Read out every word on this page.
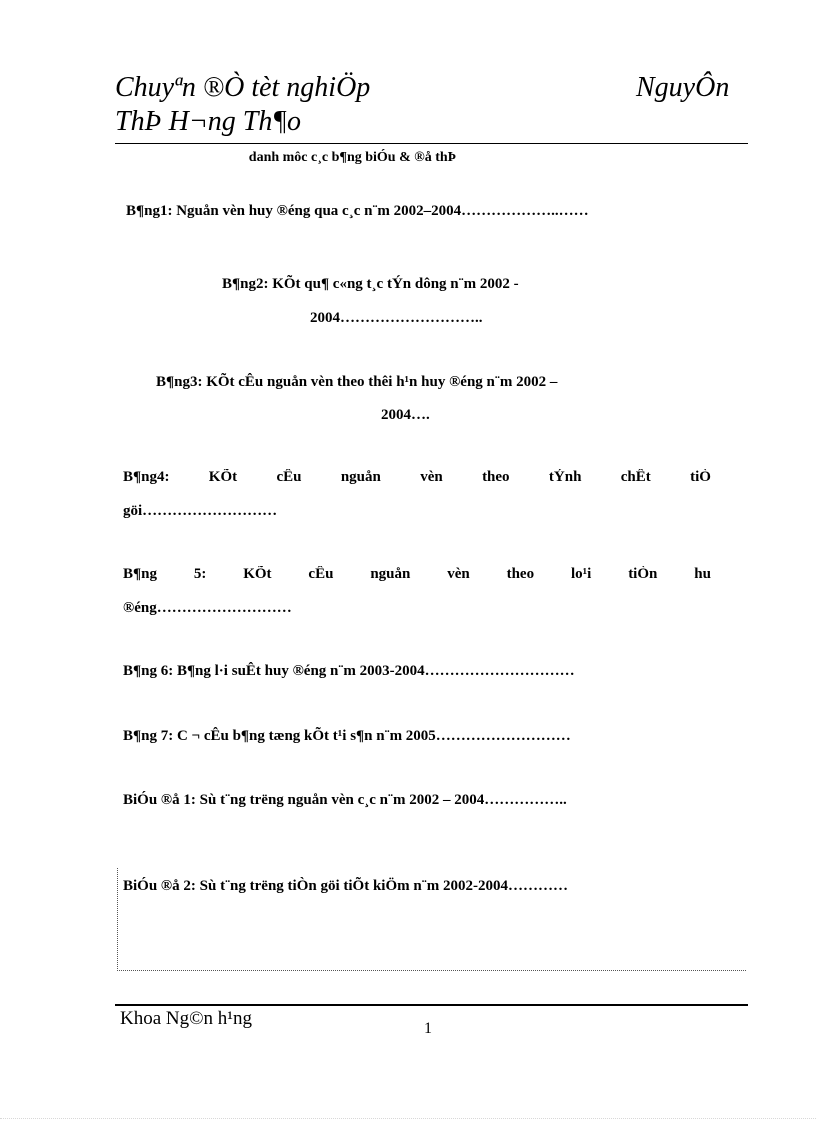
Chuyªn ®Ò tèt nghiÖp	NguyÔn
ThÞ H¬ng Th¶o
danh môc c¸c b¶ng biÓu & ®å thÞ
B¶ng1: Nguån vèn huy ®éng qua c¸c n¨m 2002–2004………………..……
B¶ng2: KÕt qu¶ c«ng t¸c tÝn dông n¨m 2002 -
2004………………………..
B¶ng3: KÕt cÊu nguån vèn theo thêi h¹n huy ®éng n¨m 2002 –
2004….
B¶ng4:	KÕt	cÊu	nguån	vèn	theo	tÝnh	chÊt	tiÒ
göi………………………
B¶ng 5: KÕt cÊu nguån vèn theo lo¹i tiÒn hu
®éng………………………
B¶ng 6: B¶ng l·i suÊt huy ®éng n¨m 2003-2004…………………………
B¶ng 7: C ¬ cÊu b¶ng tæng kÕt t¹i s¶n n¨m 2005………………………
BiÓu ®å 1: Sù t¨ng trëng nguån vèn c¸c n¨m 2002 – 2004……………..
BiÓu ®å 2: Sù t¨ng trëng tiÒn göi tiÕt kiÖm n¨m 2002-2004…………
Khoa Ng©n h¹ng	1
